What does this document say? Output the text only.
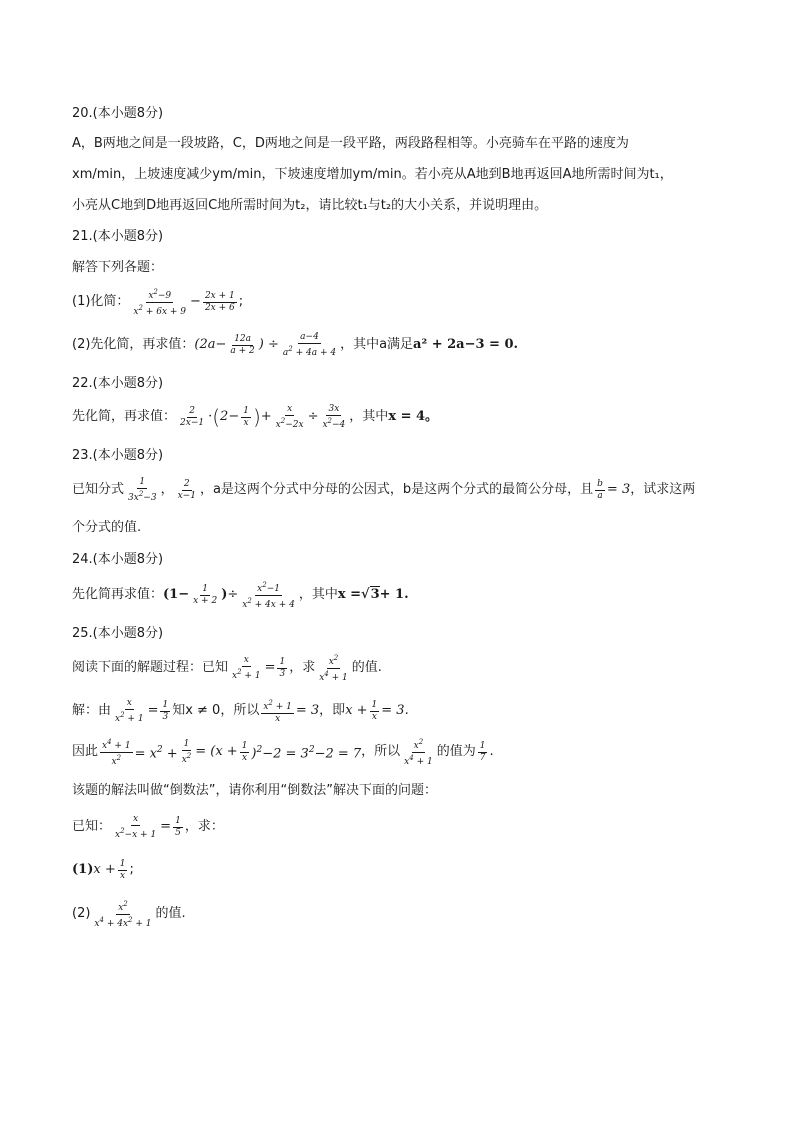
20.(本小题8分)
A，B两地之间是一段坡路，C，D两地之间是一段平路，两段路程相等。小亮骑车在平路的速度为
xm/min，上坡速度减少ym/min，下坡速度增加ym/min。若小亮从A地到B地再返回A地所需时间为t₁，
小亮从C地到D地再返回C地所需时间为t₂，请比较t₁与t₂的大小关系，并说明理由。
21.(本小题8分)
解答下列各题：
(1)化简： $\frac{x^2-9}{x^2 + 6x + 9} - \frac{2x + 1}{2x + 6}$ ;
(2)先化简，再求值： ($2a- \frac{12a}{a + 2}$ ) ÷ $\frac{a-4}{a^2 + 4a + 4}$ ，其中a满足 a² + 2a−3 = 0.
22.(本小题8分)
先化简，再求值： $\frac{2}{2x-1}$ · ( $2- \frac{1}{x}$ ) + $\frac{x}{x^2-2x} \div \frac{3x}{x^2-4}$ ，其中 x = 4。
23.(本小题8分)
已知分式 $\frac{1}{3x^2-3}$ ， $\frac{2}{x-1}$ ，a是这两个分式中分母的公因式，b是这两个分式的最简公分母，且 $\frac{b}{a} = 3$ ，试求这两
个分式的值.
24.(本小题8分)
先化简再求值： ($1- \frac{1}{x + 2}$ ) ÷ $\frac{x^2-1}{x^2 + 4x + 4}$ ，其中 x = √3 + 1.
25.(本小题8分)
阅读下面的解题过程：已知 $\frac{x}{x^2 + 1} = \frac{1}{3}$ ，求 $\frac{x^2}{x^4 + 1}$ 的值.
解：由 $\frac{x}{x^2 + 1} = \frac{1}{3}$ 知x ≠ 0，所以 $\frac{x^2 + 1}{x} = 3$ ，即 $x + \frac{1}{x} = 3$.
因此 $\frac{x^4 + 1}{x^2} = x^2 + \frac{1}{x^2} = (x + \frac{1}{x} )^2-2 = 3^2-2 = 7$ ，所以 $\frac{x^2}{x^4 + 1}$ 的值为 $\frac{1}{7}$ .
该题的解法叫做“倒数法”，请你利用“倒数法”解决下面的问题：
已知： $\frac{x}{x^2-x + 1} = \frac{1}{5}$ ，求：
(1) $x + \frac{1}{x}$ ;
$(2) \frac{x^2}{x^4 + 4x^2 + 1}$ 的值.
